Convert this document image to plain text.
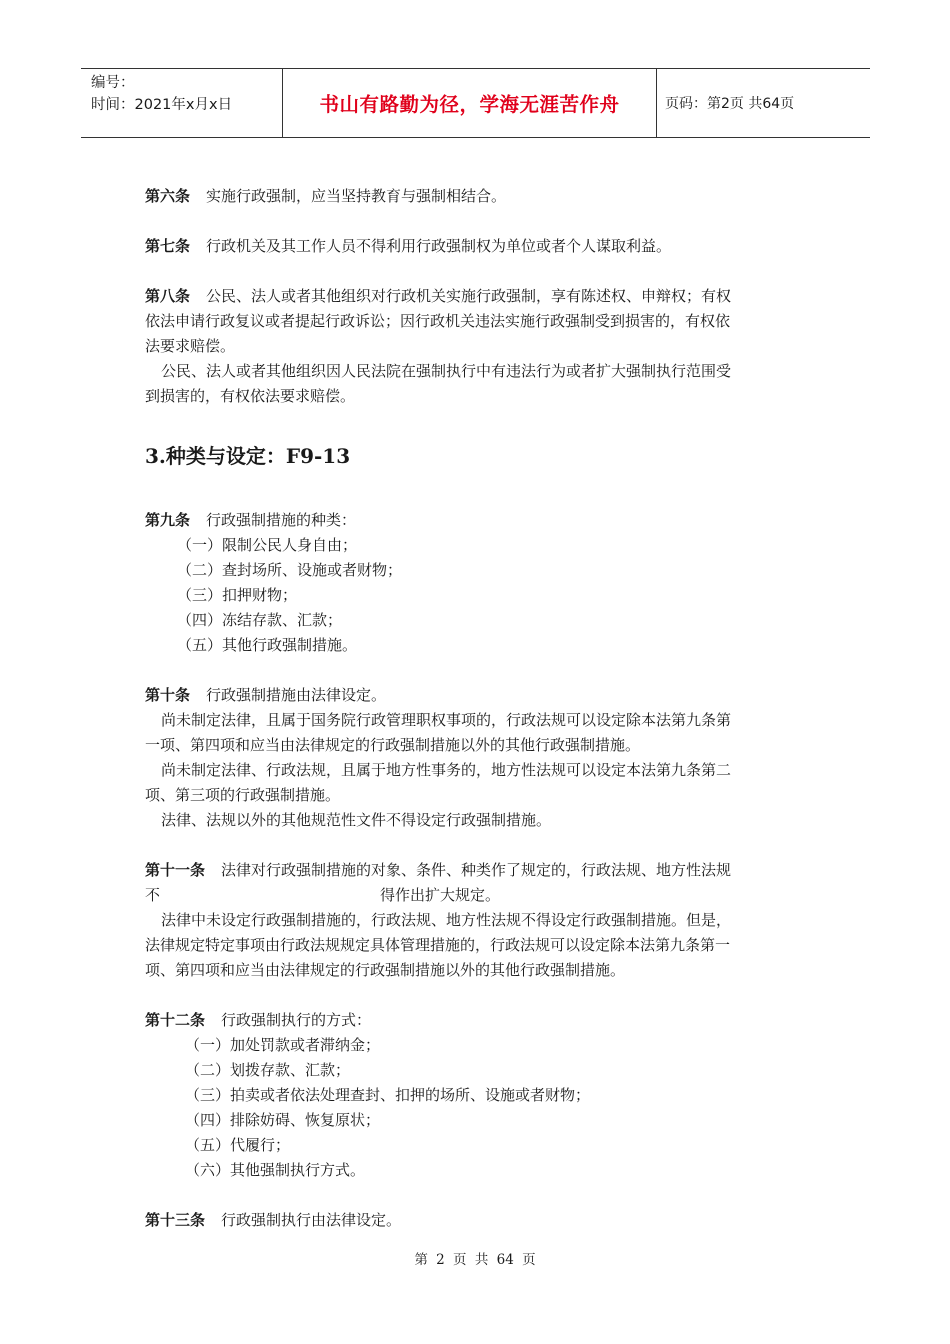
编号：
时间：2021年x月x日	书山有路勤为径，学海无涯苦作舟	页码：第2页 共64页
3.种类与设定：F9-13
第六条 实施行政强制，应当坚持教育与强制相结合。
第七条 行政机关及其工作人员不得利用行政强制权为单位或者个人谋取利益。
第八条 公民、法人或者其他组织对行政机关实施行政强制，享有陈述权、申辩权；有权
依法申请行政复议或者提起行政诉讼；因行政机关违法实施行政强制受到损害的，有权依
法要求赔偿。
公民、法人或者其他组织因人民法院在强制执行中有违法行为或者扩大强制执行范围受
到损害的，有权依法要求赔偿。
第九条 行政强制措施的种类：
（一）限制公民人身自由；
（二）查封场所、设施或者财物；
（三）扣押财物；
（四）冻结存款、汇款；
（五）其他行政强制措施。
第十条 行政强制措施由法律设定。
尚未制定法律，且属于国务院行政管理职权事项的，行政法规可以设定除本法第九条第
一项、第四项和应当由法律规定的行政强制措施以外的其他行政强制措施。
尚未制定法律、行政法规，且属于地方性事务的，地方性法规可以设定本法第九条第二
项、第三项的行政强制措施。
法律、法规以外的其他规范性文件不得设定行政强制措施。
第十一条 法律对行政强制措施的对象、条件、种类作了规定的，行政法规、地方性法规
不	得作出扩大规定。
法律中未设定行政强制措施的，行政法规、地方性法规不得设定行政强制措施。但是，
法律规定特定事项由行政法规规定具体管理措施的，行政法规可以设定除本法第九条第一
项、第四项和应当由法律规定的行政强制措施以外的其他行政强制措施。
第十二条 行政强制执行的方式：
（一）加处罚款或者滞纳金；
（二）划拨存款、汇款；
（三）拍卖或者依法处理查封、扣押的场所、设施或者财物；
（四）排除妨碍、恢复原状；
（五）代履行；
（六）其他强制执行方式。
第十三条 行政强制执行由法律设定。
第 2 页 共 64 页
